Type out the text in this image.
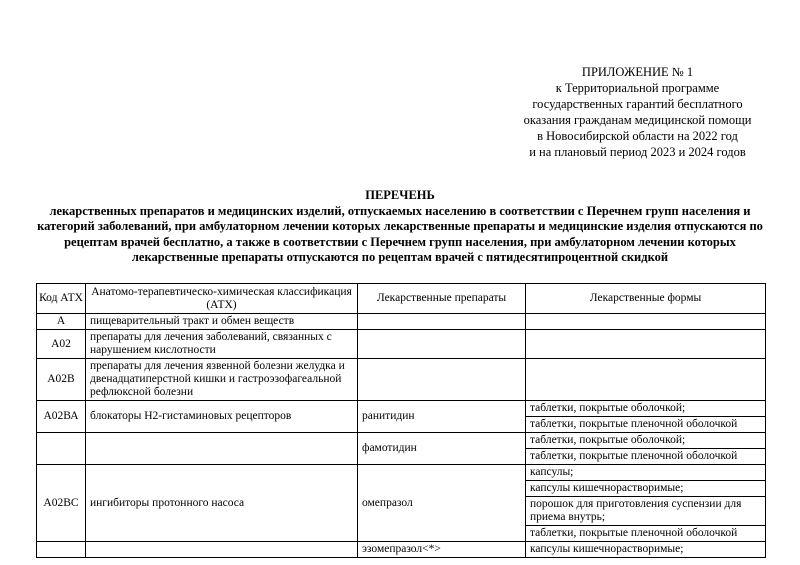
ПРИЛОЖЕНИЕ № 1
к Территориальной программе
государственных гарантий бесплатного
оказания гражданам медицинской помощи
в Новосибирской области на 2022 год
и на плановый период 2023 и 2024 годов
ПЕРЕЧЕНЬ
лекарственных препаратов и медицинских изделий, отпускаемых населению в соответствии с Перечнем групп населения и категорий заболеваний, при амбулаторном лечении которых лекарственные препараты и медицинские изделия отпускаются по рецептам врачей бесплатно, а также в соответствии с Перечнем групп населения, при амбулаторном лечении которых лекарственные препараты отпускаются по рецептам врачей с пятидесятипроцентной скидкой
Код АТХ	Анатомо-терапевтическо-химическая классификация (АТХ)	Лекарственные препараты	Лекарственные формы
А	пищеварительный тракт и обмен веществ		
А02	препараты для лечения заболеваний, связанных с нарушением кислотности		
А02В	препараты для лечения язвенной болезни желудка и двенадцатиперстной кишки и гастроэзофагеальной рефлюксной болезни		
А02ВА	блокаторы Н2-гистаминовых рецепторов	ранитидин	таблетки, покрытые оболочкой;
			таблетки, покрытые пленочной оболочкой
		фамотидин	таблетки, покрытые оболочкой;
			таблетки, покрытые пленочной оболочкой
А02ВС	ингибиторы протонного насоса	омепразол	капсулы;
			капсулы кишечнорастворимые;
			порошок для приготовления суспензии для приема внутрь;
			таблетки, покрытые пленочной оболочкой
		эзомепразол<*>	капсулы кишечнорастворимые;
